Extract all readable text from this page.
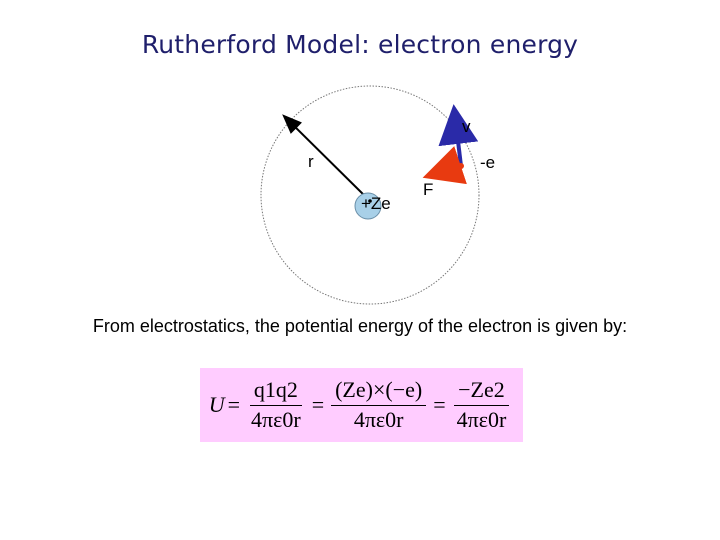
Rutherford Model: electron energy
v
r	-e
F
+Ze
From electrostatics, the potential energy of the electron is given by:
$U = \frac{q1q2}{4\pi\varepsilon 0r} = \frac{(Ze)\times(-e)}{4\pi\varepsilon 0r} = \frac{-Ze2}{4\pi\varepsilon 0r}$
